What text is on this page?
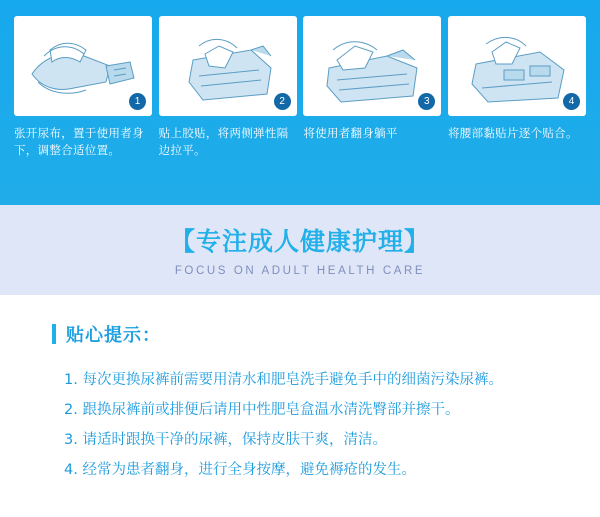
1
张开尿布，置于使用者身下，调整合适位置。
2
贴上胶贴，将两侧弹性隔边拉平。
3
将使用者翻身躺平
4
将腰部黏贴片逐个贴合。
【专注成人健康护理】
FOCUS ON ADULT HEALTH CARE
贴心提示：
1. 每次更换尿裤前需要用清水和肥皂洗手避免手中的细菌污染尿裤。
2. 跟换尿裤前或排便后请用中性肥皂盒温水清洗臀部并擦干。
3. 请适时跟换干净的尿裤，保持皮肤干爽，清洁。
4. 经常为患者翻身，进行全身按摩，避免褥疮的发生。
